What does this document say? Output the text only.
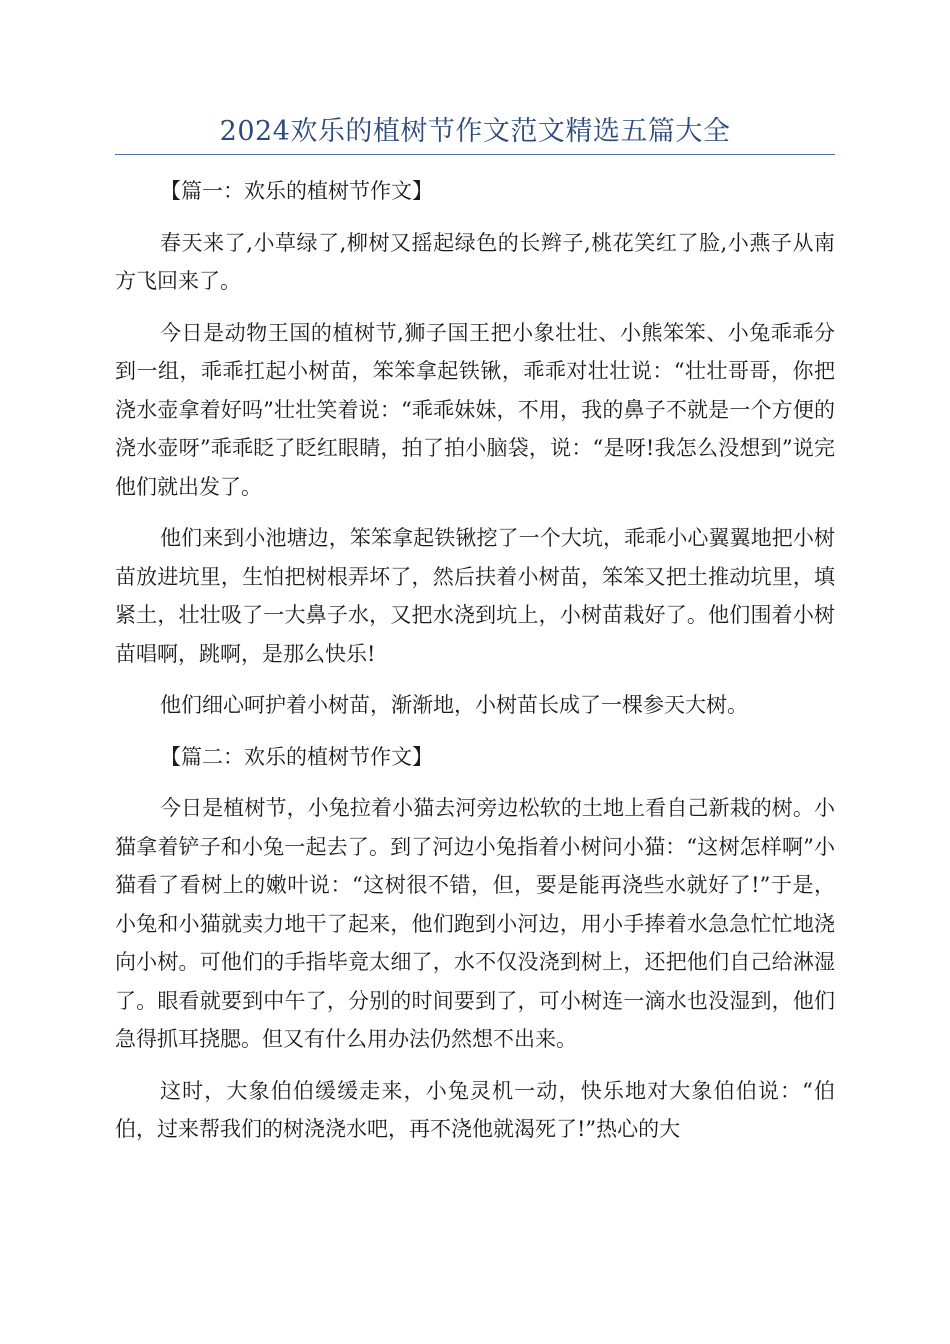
2024欢乐的植树节作文范文精选五篇大全

【篇一：欢乐的植树节作文】

春天来了,小草绿了,柳树又摇起绿色的长辫子,桃花笑红了脸,小燕子从南方飞回来了。

今日是动物王国的植树节,狮子国王把小象壮壮、小熊笨笨、小兔乖乖分到一组，乖乖扛起小树苗，笨笨拿起铁锹，乖乖对壮壮说：“壮壮哥哥，你把浇水壶拿着好吗”壮壮笑着说：“乖乖妹妹，不用，我的鼻子不就是一个方便的浇水壶呀”乖乖眨了眨红眼睛，拍了拍小脑袋，说：“是呀!我怎么没想到”说完他们就出发了。

他们来到小池塘边，笨笨拿起铁锹挖了一个大坑，乖乖小心翼翼地把小树苗放进坑里，生怕把树根弄坏了，然后扶着小树苗，笨笨又把土推动坑里，填紧土，壮壮吸了一大鼻子水，又把水浇到坑上，小树苗栽好了。他们围着小树苗唱啊，跳啊，是那么快乐!

他们细心呵护着小树苗，渐渐地，小树苗长成了一棵参天大树。

【篇二：欢乐的植树节作文】

今日是植树节，小兔拉着小猫去河旁边松软的土地上看自己新栽的树。小猫拿着铲子和小兔一起去了。到了河边小兔指着小树问小猫：“这树怎样啊”小猫看了看树上的嫩叶说：“这树很不错，但，要是能再浇些水就好了!”于是，小兔和小猫就卖力地干了起来，他们跑到小河边，用小手捧着水急急忙忙地浇向小树。可他们的手指毕竟太细了，水不仅没浇到树上，还把他们自己给淋湿了。眼看就要到中午了，分别的时间要到了，可小树连一滴水也没湿到，他们急得抓耳挠腮。但又有什么用办法仍然想不出来。

这时，大象伯伯缓缓走来，小兔灵机一动，快乐地对大象伯伯说：“伯伯，过来帮我们的树浇浇水吧，再不浇他就渴死了!”热心的大
